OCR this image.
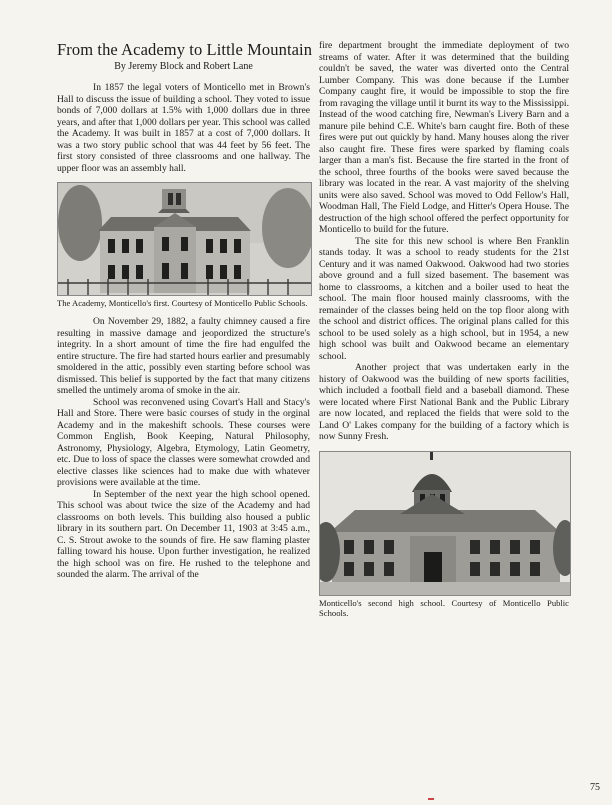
From the Academy to Little Mountain
By Jeremy Block and Robert Lane

In 1857 the legal voters of Monticello met in Brown's Hall to discuss the issue of building a school. They voted to issue bonds of 7,000 dollars at 1.5% with 1,000 dollars due in three years, and after that 1,000 dollars per year. This school was called the Academy. It was built in 1857 at a cost of 7,000 dollars. It was a two story public school that was 44 feet by 56 feet. The first story consisted of three classrooms and one hallway. The upper floor was an assembly hall.

The Academy, Monticello's first. Courtesy of Monticello Public Schools.

On November 29, 1882, a faulty chimney caused a fire resulting in massive damage and jeopordized the structure's integrity. In a short amount of time the fire had engulfed the entire structure. The fire had started hours earlier and presumably smoldered in the attic, possibly even starting before school was dismissed. This belief is supported by the fact that many citizens smelled the untimely aroma of smoke in the air.

School was reconvened using Covart's Hall and Stacy's Hall and Store. There were basic courses of study in the orginal Academy and in the makeshift schools. These courses were Common English, Book Keeping, Natural Philosophy, Astronomy, Physiology, Algebra, Etymology, Latin Geometry, etc. Due to loss of space the classes were somewhat crowded and elective classes like sciences had to make due with whatever provisions were available at the time.

In September of the next year the high school opened. This school was about twice the size of the Academy and had classrooms on both levels. This building also housed a public library in its southern part. On December 11, 1903 at 3:45 a.m., C. S. Strout awoke to the sounds of fire. He saw flaming plaster falling toward his house. Upon further investigation, he realized the high school was on fire. He rushed to the telephone and sounded the alarm. The arrival of the

fire department brought the immediate deployment of two streams of water. After it was determined that the building couldn't be saved, the water was diverted onto the Central Lumber Company. This was done because if the Lumber Company caught fire, it would be impossible to stop the fire from ravaging the village until it burnt its way to the Mississippi. Instead of the wood catching fire, Newman's Livery Barn and a manure pile behind C.E. White's barn caught fire. Both of these fires were put out quickly by hand. Many houses along the river also caught fire. These fires were sparked by flaming coals larger than a man's fist. Because the fire started in the front of the school, three fourths of the books were saved because the library was located in the rear. A vast majority of the shelving units were also saved. School was moved to Odd Fellow's Hall, Woodman Hall, The Field Lodge, and Hitter's Opera House. The destruction of the high school offered the perfect opportunity for Monticello to build for the future.

The site for this new school is where Ben Franklin stands today. It was a school to ready students for the 21st Century and it was named Oakwood. Oakwood had two stories above ground and a full sized basement. The basement was home to classrooms, a kitchen and a boiler used to heat the school. The main floor housed mainly classrooms, with the remainder of the classes being held on the top floor along with the school and district offices. The original plans called for this school to be used solely as a high school, but in 1954, a new high school was built and Oakwood became an elementary school.

Another project that was undertaken early in the history of Oakwood was the building of new sports facilities, which included a football field and a baseball diamond. These were located where First National Bank and the Public Library are now located, and replaced the fields that were sold to the Land O' Lakes company for the building of a factory which is now Sunny Fresh.

Monticello's second high school. Courtesy of Monticello Public Schools.
75
